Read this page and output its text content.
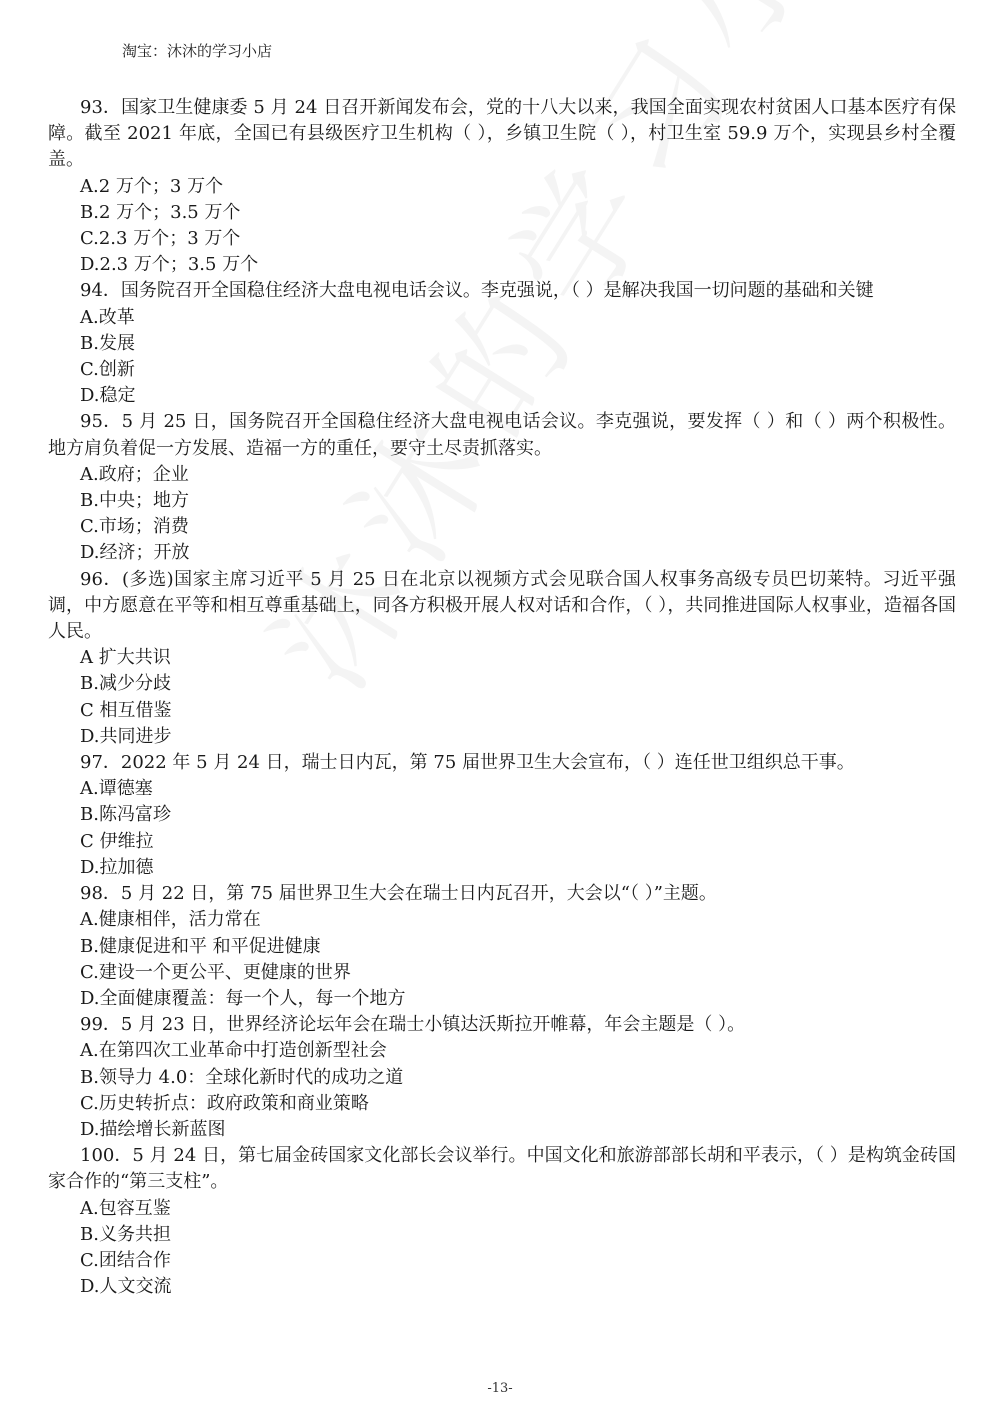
淘宝：沐沐的学习小店
93．国家卫生健康委 5 月 24 日召开新闻发布会，党的十八大以来，我国全面实现农村贫困人口基本医疗有保障。截至 2021 年底，全国已有县级医疗卫生机构（ ），乡镇卫生院（ ），村卫生室 59.9 万个，实现县乡村全覆盖。
A.2 万个；3 万个
B.2 万个；3.5 万个
C.2.3 万个；3 万个
D.2.3 万个；3.5 万个
94．国务院召开全国稳住经济大盘电视电话会议。李克强说，（ ）是解决我国一切问题的基础和关键
A.改革
B.发展
C.创新
D.稳定
95．5 月 25 日，国务院召开全国稳住经济大盘电视电话会议。李克强说，要发挥（ ）和（ ）两个积极性。地方肩负着促一方发展、造福一方的重任，要守土尽责抓落实。
A.政府；企业
B.中央；地方
C.市场；消费
D.经济；开放
96．(多选)国家主席习近平 5 月 25 日在北京以视频方式会见联合国人权事务高级专员巴切莱特。习近平强调，中方愿意在平等和相互尊重基础上，同各方积极开展人权对话和合作，（ ），共同推进国际人权事业，造福各国人民。
A 扩大共识
B.减少分歧
C 相互借鉴
D.共同进步
97．2022 年 5 月 24 日，瑞士日内瓦，第 75 届世界卫生大会宣布，（ ）连任世卫组织总干事。
A.谭德塞
B.陈冯富珍
C 伊维拉
D.拉加德
98．5 月 22 日，第 75 届世界卫生大会在瑞士日内瓦召开，大会以“（ ）”主题。
A.健康相伴，活力常在
B.健康促进和平 和平促进健康
C.建设一个更公平、更健康的世界
D.全面健康覆盖：每一个人，每一个地方
99．5 月 23 日，世界经济论坛年会在瑞士小镇达沃斯拉开帷幕，年会主题是（ ）。
A.在第四次工业革命中打造创新型社会
B.领导力 4.0：全球化新时代的成功之道
C.历史转折点：政府政策和商业策略
D.描绘增长新蓝图
100．5 月 24 日，第七届金砖国家文化部长会议举行。中国文化和旅游部部长胡和平表示，（ ）是构筑金砖国家合作的“第三支柱”。
A.包容互鉴
B.义务共担
C.团结合作
D.人文交流
-13-
